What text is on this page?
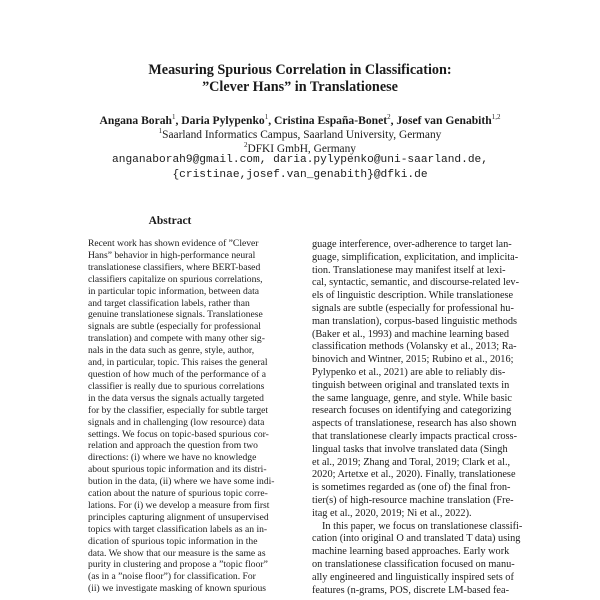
Measuring Spurious Correlation in Classification:
”Clever Hans” in Translationese
Angana Borah$^1$, Daria Pylypenko$^1$, Cristina España-Bonet$^2$, Josef van Genabith$^{1,2}$
$^1$Saarland Informatics Campus, Saarland University, Germany
$^2$DFKI GmbH, Germany
anganaborah9@gmail.com, daria.pylypenko@uni-saarland.de,
{cristinae,josef.van_genabith}@dfki.de
Abstract
Recent work has shown evidence of ”Clever
Hans” behavior in high-performance neural
translationese classifiers, where BERT-based
classifiers capitalize on spurious correlations,
in particular topic information, between data
and target classification labels, rather than
genuine translationese signals. Translationese
signals are subtle (especially for professional
translation) and compete with many other sig-
nals in the data such as genre, style, author,
and, in particular, topic. This raises the general
question of how much of the performance of a
classifier is really due to spurious correlations
in the data versus the signals actually targeted
for by the classifier, especially for subtle target
signals and in challenging (low resource) data
settings. We focus on topic-based spurious cor-
relation and approach the question from two
directions: (i) where we have no knowledge
about spurious topic information and its distri-
bution in the data, (ii) where we have some indi-
cation about the nature of spurious topic corre-
lations. For (i) we develop a measure from first
principles capturing alignment of unsupervised
topics with target classification labels as an in-
dication of spurious topic information in the
data. We show that our measure is the same as
purity in clustering and propose a ”topic floor”
(as in a ”noise floor”) for classification. For
(ii) we investigate masking of known spurious
guage interference, over-adherence to target lan-
guage, simplification, explicitation, and implicita-
tion. Translationese may manifest itself at lexi-
cal, syntactic, semantic, and discourse-related lev-
els of linguistic description. While translationese
signals are subtle (especially for professional hu-
man translation), corpus-based linguistic methods
(Baker et al., 1993) and machine learning based
classification methods (Volansky et al., 2013; Ra-
binovich and Wintner, 2015; Rubino et al., 2016;
Pylypenko et al., 2021) are able to reliably dis-
tinguish between original and translated texts in
the same language, genre, and style. While basic
research focuses on identifying and categorizing
aspects of translationese, research has also shown
that translationese clearly impacts practical cross-
lingual tasks that involve translated data (Singh
et al., 2019; Zhang and Toral, 2019; Clark et al.,
2020; Artetxe et al., 2020). Finally, translationese
is sometimes regarded as (one of) the final fron-
tier(s) of high-resource machine translation (Fre-
itag et al., 2020, 2019; Ni et al., 2022).
In this paper, we focus on translationese classifi-
cation (into original O and translated T data) using
machine learning based approaches. Early work
on translationese classification focused on manu-
ally engineered and linguistically inspired sets of
features (n-grams, POS, discrete LM-based fea-
